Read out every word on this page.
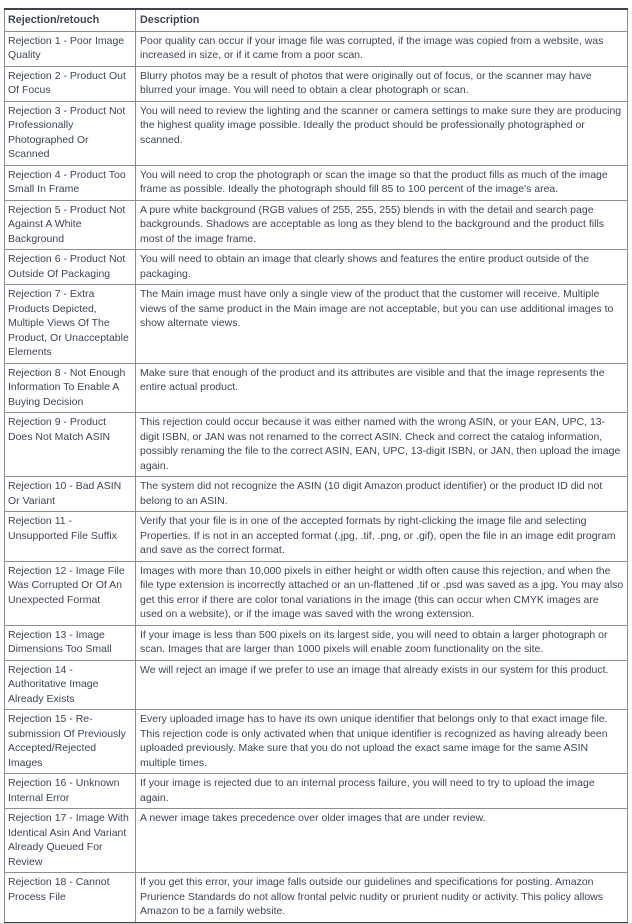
Rejection/retouch	Description
Rejection 1 - Poor Image Quality	Poor quality can occur if your image file was corrupted, if the image was copied from a website, was increased in size, or if it came from a poor scan.
Rejection 2 - Product Out Of Focus	Blurry photos may be a result of photos that were originally out of focus, or the scanner may have blurred your image. You will need to obtain a clear photograph or scan.
Rejection 3 - Product Not Professionally Photographed Or Scanned	You will need to review the lighting and the scanner or camera settings to make sure they are producing the highest quality image possible. Ideally the product should be professionally photographed or scanned.
Rejection 4 - Product Too Small In Frame	You will need to crop the photograph or scan the image so that the product fills as much of the image frame as possible. Ideally the photograph should fill 85 to 100 percent of the image's area.
Rejection 5 - Product Not Against A White Background	A pure white background (RGB values of 255, 255, 255) blends in with the detail and search page backgrounds. Shadows are acceptable as long as they blend to the background and the product fills most of the image frame.
Rejection 6 - Product Not Outside Of Packaging	You will need to obtain an image that clearly shows and features the entire product outside of the packaging.
Rejection 7 - Extra Products Depicted, Multiple Views Of The Product, Or Unacceptable Elements	The Main image must have only a single view of the product that the customer will receive. Multiple views of the same product in the Main image are not acceptable, but you can use additional images to show alternate views.
Rejection 8 - Not Enough Information To Enable A Buying Decision	Make sure that enough of the product and its attributes are visible and that the image represents the entire actual product.
Rejection 9 - Product Does Not Match ASIN	This rejection could occur because it was either named with the wrong ASIN, or your EAN, UPC, 13-digit ISBN, or JAN was not renamed to the correct ASIN. Check and correct the catalog information, possibly renaming the file to the correct ASIN, EAN, UPC, 13-digit ISBN, or JAN, then upload the image again.
Rejection 10 - Bad ASIN Or Variant	The system did not recognize the ASIN (10 digit Amazon product identifier) or the product ID did not belong to an ASIN.
Rejection 11 - Unsupported File Suffix	Verify that your file is in one of the accepted formats by right-clicking the image file and selecting Properties. If is not in an accepted format (.jpg, .tif, .png, or .gif), open the file in an image edit program and save as the correct format.
Rejection 12 - Image File Was Corrupted Or Of An Unexpected Format	Images with more than 10,000 pixels in either height or width often cause this rejection, and when the file type extension is incorrectly attached or an un-flattened .tif or .psd was saved as a jpg. You may also get this error if there are color tonal variations in the image (this can occur when CMYK images are used on a website), or if the image was saved with the wrong extension.
Rejection 13 - Image Dimensions Too Small	If your image is less than 500 pixels on its largest side, you will need to obtain a larger photograph or scan. Images that are larger than 1000 pixels will enable zoom functionality on the site.
Rejection 14 - Authoritative Image Already Exists	We will reject an image if we prefer to use an image that already exists in our system for this product.
Rejection 15 - Re-submission Of Previously Accepted/Rejected Images	Every uploaded image has to have its own unique identifier that belongs only to that exact image file. This rejection code is only activated when that unique identifier is recognized as having already been uploaded previously. Make sure that you do not upload the exact same image for the same ASIN multiple times.
Rejection 16 - Unknown Internal Error	If your image is rejected due to an internal process failure, you will need to try to upload the image again.
Rejection 17 - Image With Identical Asin And Variant Already Queued For Review	A newer image takes precedence over older images that are under review.
Rejection 18 - Cannot Process File	If you get this error, your image falls outside our guidelines and specifications for posting. Amazon Prurience Standards do not allow frontal pelvic nudity or prurient nudity or activity. This policy allows Amazon to be a family website.
